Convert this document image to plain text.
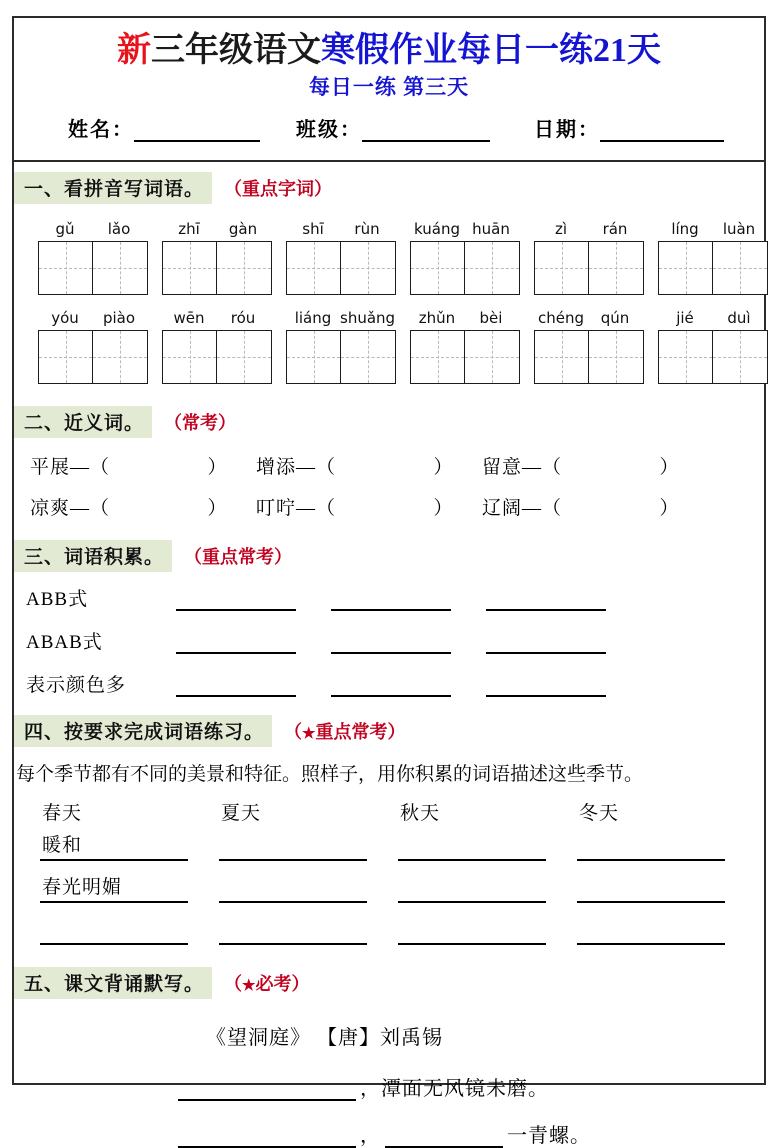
新三年级语文寒假作业每日一练21天
每日一练 第三天
姓名：	班级：	日期：
一、看拼音写词语。	（重点字词）
gǔ	lǎo	zhī	gàn	shī	rùn	kuáng huān	zì	rán	líng	luàn
yóu	piào	wēn	róu	liáng shuǎng	zhǔn	bèi	chéng	qún	jié	duì
二、近义词。	（常考）
平展—（	）	增添—（	）	留意—（	）
凉爽—（	）	叮咛—（	）	辽阔—（	）
三、词语积累。	（重点常考）
ABB式
ABAB式
表示颜色多
四、按要求完成词语练习。	（★重点常考）
每个季节都有不同的美景和特征。照样子，用你积累的词语描述这些季节。
春天	夏天	秋天	冬天
暖和
春光明媚
五、课文背诵默写。	（★必考）
《望洞庭》 【唐】刘禹锡
，潭面无风镜未磨。
，	一青螺。
